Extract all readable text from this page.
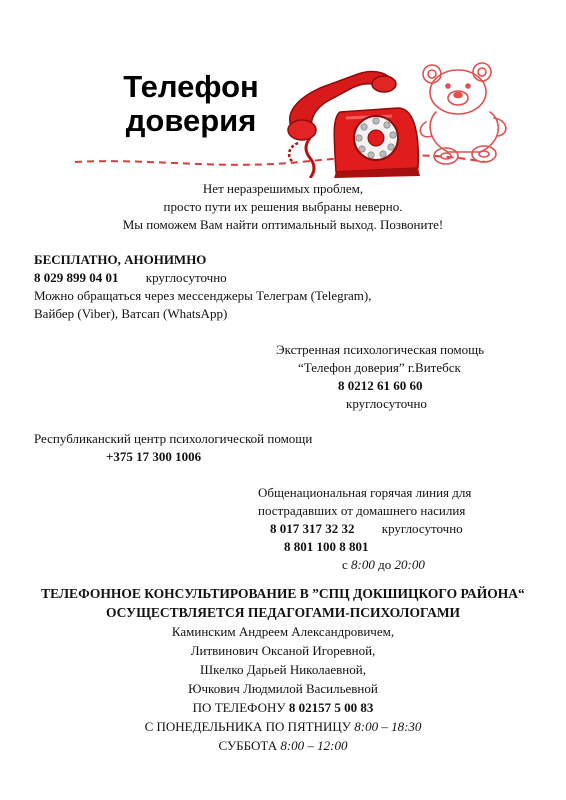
Телефон
доверия
Нет неразрешимых проблем,
просто пути их решения выбраны неверно.
Мы поможем Вам найти оптимальный выход. Позвоните!
БЕСПЛАТНО, АНОНИМНО
8 029 899 04 01 круглосуточно
Можно обращаться через мессенджеры Телеграм (Telegram),
Вайбер (Viber), Ватсап (WhatsApp)
Экстренная психологическая помощь
“Телефон доверия” г.Витебск
8 0212 61 60 60
круглосуточно
Республиканский центр психологической помощи
+375 17 300 1006
Общенациональная горячая линия для
пострадавших от домашнего насилия
8 017 317 32 32 круглосуточно
8 801 100 8 801
с 8:00 до 20:00
ТЕЛЕФОННОЕ КОНСУЛЬТИРОВАНИЕ В ”СПЦ ДОКШИЦКОГО РАЙОНА“
ОСУЩЕСТВЛЯЕТСЯ ПЕДАГОГАМИ-ПСИХОЛОГАМИ
Каминским Андреем Александровичем,
Литвинович Оксаной Игоревной,
Шкелко Дарьей Николаевной,
Ючкович Людмилой Васильевной
ПО ТЕЛЕФОНУ 8 02157 5 00 83
С ПОНЕДЕЛЬНИКА ПО ПЯТНИЦУ 8:00 – 18:30
СУББОТА 8:00 – 12:00
